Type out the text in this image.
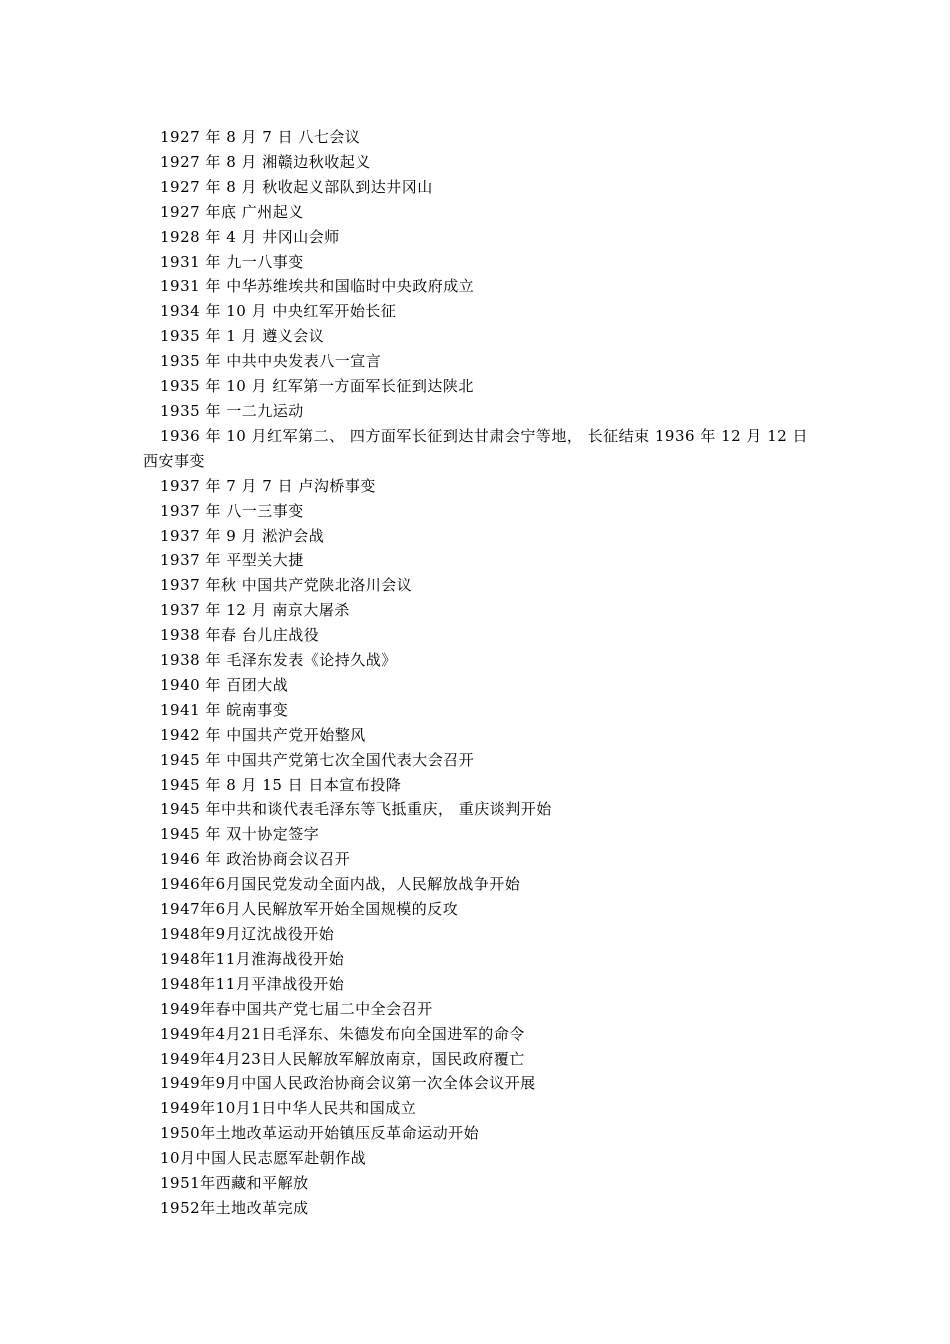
1927 年 8 月 7 日 八七会议

1927 年 8 月 湘赣边秋收起义

1927 年 8 月 秋收起义部队到达井冈山

1927 年底 广州起义

1928 年 4 月 井冈山会师

1931 年 九一八事变

1931 年 中华苏维埃共和国临时中央政府成立

1934 年 10 月 中央红军开始长征

1935 年 1 月 遵义会议

1935 年 中共中央发表八一宣言

1935 年 10 月 红军第一方面军长征到达陕北

1935 年 一二九运动

1936 年 10 月红军第二、 四方面军长征到达甘肃会宁等地， 长征结束 1936 年 12 月 12 日 西安事变

1937 年 7 月 7 日 卢沟桥事变

1937 年 八一三事变

1937 年 9 月 淞沪会战

1937 年 平型关大捷

1937 年秋 中国共产党陕北洛川会议

1937 年 12 月 南京大屠杀

1938 年春 台儿庄战役

1938 年 毛泽东发表《论持久战》

1940 年 百团大战

1941 年 皖南事变

1942 年 中国共产党开始整风

1945 年 中国共产党第七次全国代表大会召开

1945 年 8 月 15 日 日本宣布投降

1945 年中共和谈代表毛泽东等飞抵重庆， 重庆谈判开始

1945 年 双十协定签字

1946 年 政治协商会议召开

1946年6月国民党发动全面内战，人民解放战争开始

1947年6月人民解放军开始全国规模的反攻

1948年9月辽沈战役开始

1948年11月淮海战役开始

1948年11月平津战役开始

1949年春中国共产党七届二中全会召开

1949年4月21日毛泽东、朱德发布向全国进军的命令

1949年4月23日人民解放军解放南京，国民政府覆亡

1949年9月中国人民政治协商会议第一次全体会议开展

1949年10月1日中华人民共和国成立

1950年土地改革运动开始镇压反革命运动开始

10月中国人民志愿军赴朝作战

1951年西藏和平解放

1952年土地改革完成
